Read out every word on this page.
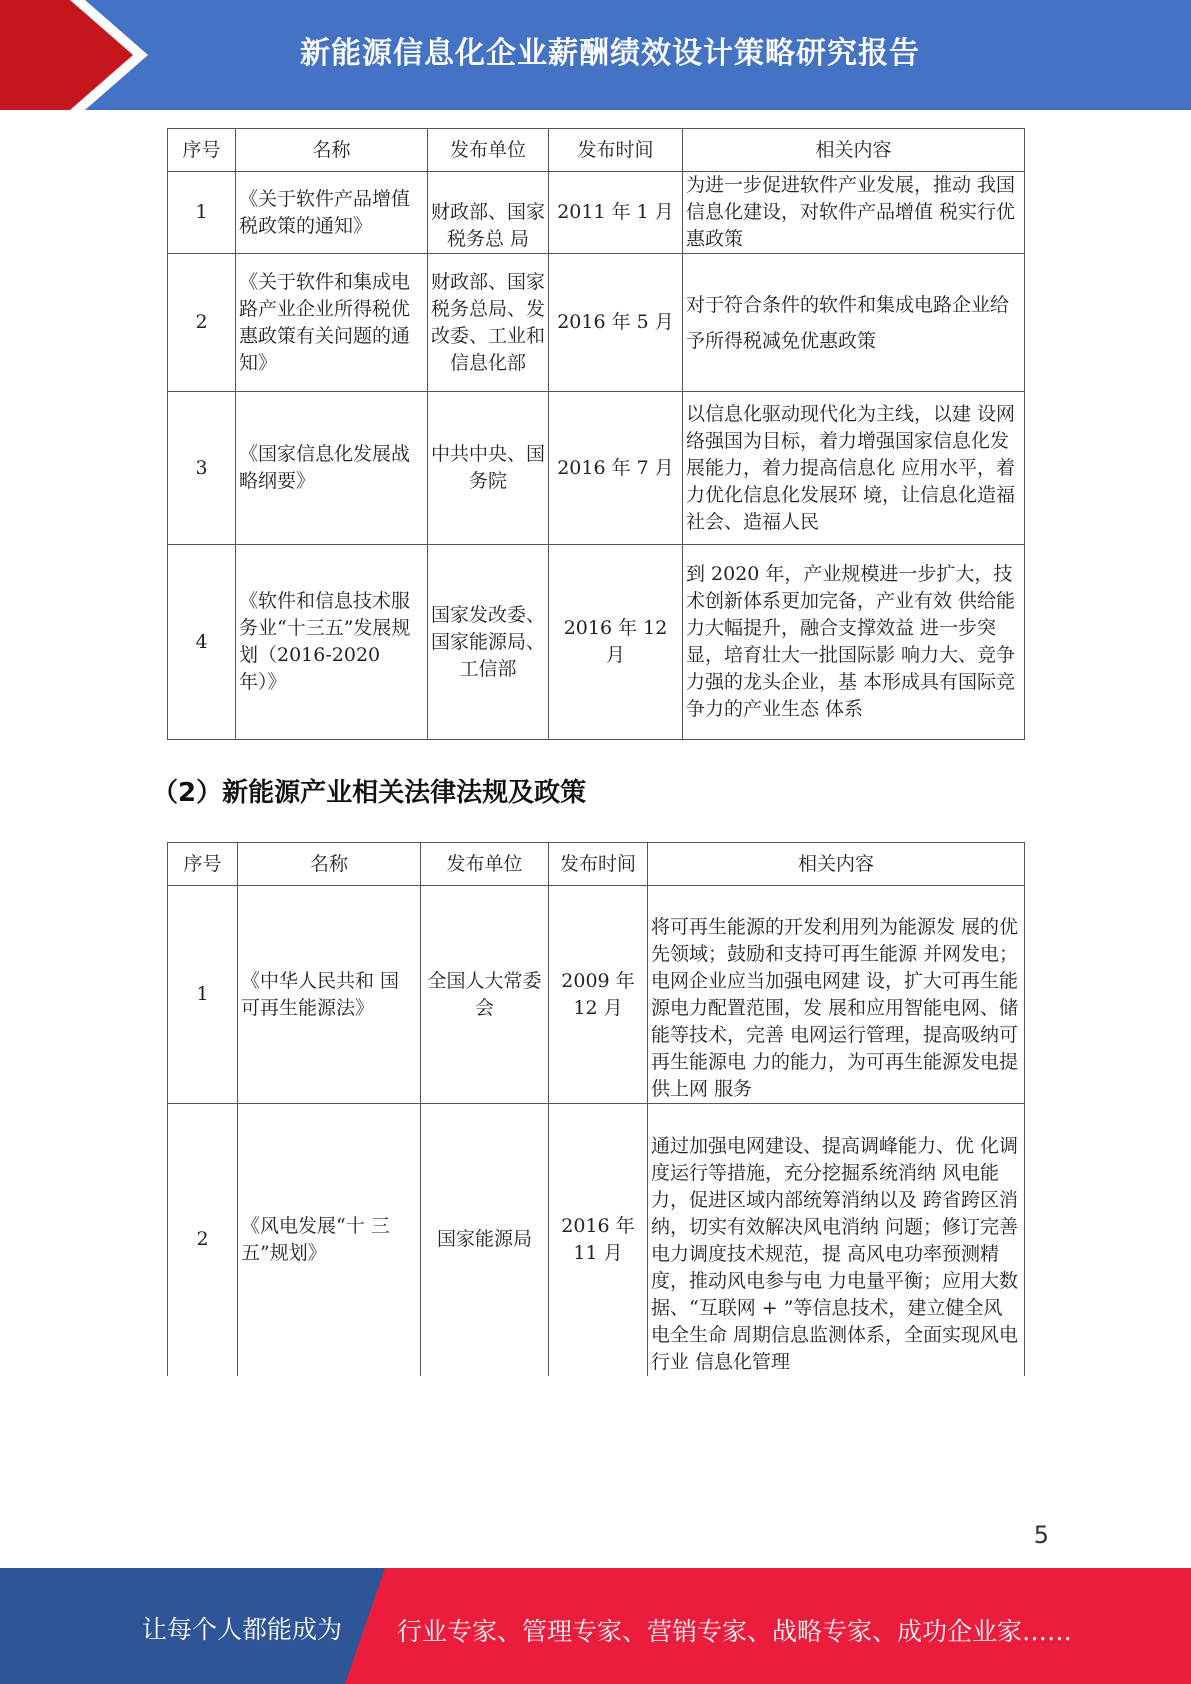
新能源信息化企业薪酬绩效设计策略研究报告
序号	名称	发布单位	发布时间	相关内容
1	《关于软件产品增值税政策的通知》	财政部、国家税务总 局	2011 年 1 月	为进一步促进软件产业发展，推动 我国信息化建设，对软件产品增值 税实行优惠政策
2	《关于软件和集成电路产业企业所得税优惠政策有关问题的通知》	财政部、国家税务总局、发改委、工业和信息化部	2016 年 5 月	对于符合条件的软件和集成电路企业给予所得税减免优惠政策
3	《国家信息化发展战略纲要》	中共中央、国务院	2016 年 7 月	以信息化驱动现代化为主线，以建 设网络强国为目标，着力增强国家信息化发展能力，着力提高信息化 应用水平，着力优化信息化发展环 境，让信息化造福社会、造福人民
4	《软件和信息技术服务业“十三五”发展规划（2016-2020 年）》	国家发改委、国家能源局、工信部	2016 年 12 月	到 2020 年，产业规模进一步扩大，技术创新体系更加完备，产业有效 供给能力大幅提升，融合支撑效益 进一步突显，培育壮大一批国际影 响力大、竞争力强的龙头企业，基 本形成具有国际竞争力的产业生态 体系
（2）新能源产业相关法律法规及政策
序号	名称	发布单位	发布时间	相关内容
1	《中华人民共和 国可再生能源法》	全国人大常委会	2009 年 12 月	将可再生能源的开发利用列为能源发 展的优先领域；鼓励和支持可再生能源 并网发电；电网企业应当加强电网建 设，扩大可再生能源电力配置范围，发 展和应用智能电网、储能等技术，完善 电网运行管理，提高吸纳可再生能源电 力的能力，为可再生能源发电提供上网 服务
2	《风电发展“十 三五”规划》	国家能源局	2016 年 11 月	通过加强电网建设、提高调峰能力、优 化调度运行等措施，充分挖掘系统消纳 风电能力，促进区域内部统筹消纳以及 跨省跨区消纳，切实有效解决风电消纳 问题；修订完善电力调度技术规范，提 高风电功率预测精度，推动风电参与电 力电量平衡；应用大数据、“互联网 + ”等信息技术，建立健全风电全生命 周期信息监测体系，全面实现风电行业 信息化管理
5
让每个人都能成为 行业专家、管理专家、营销专家、战略专家、成功企业家……
